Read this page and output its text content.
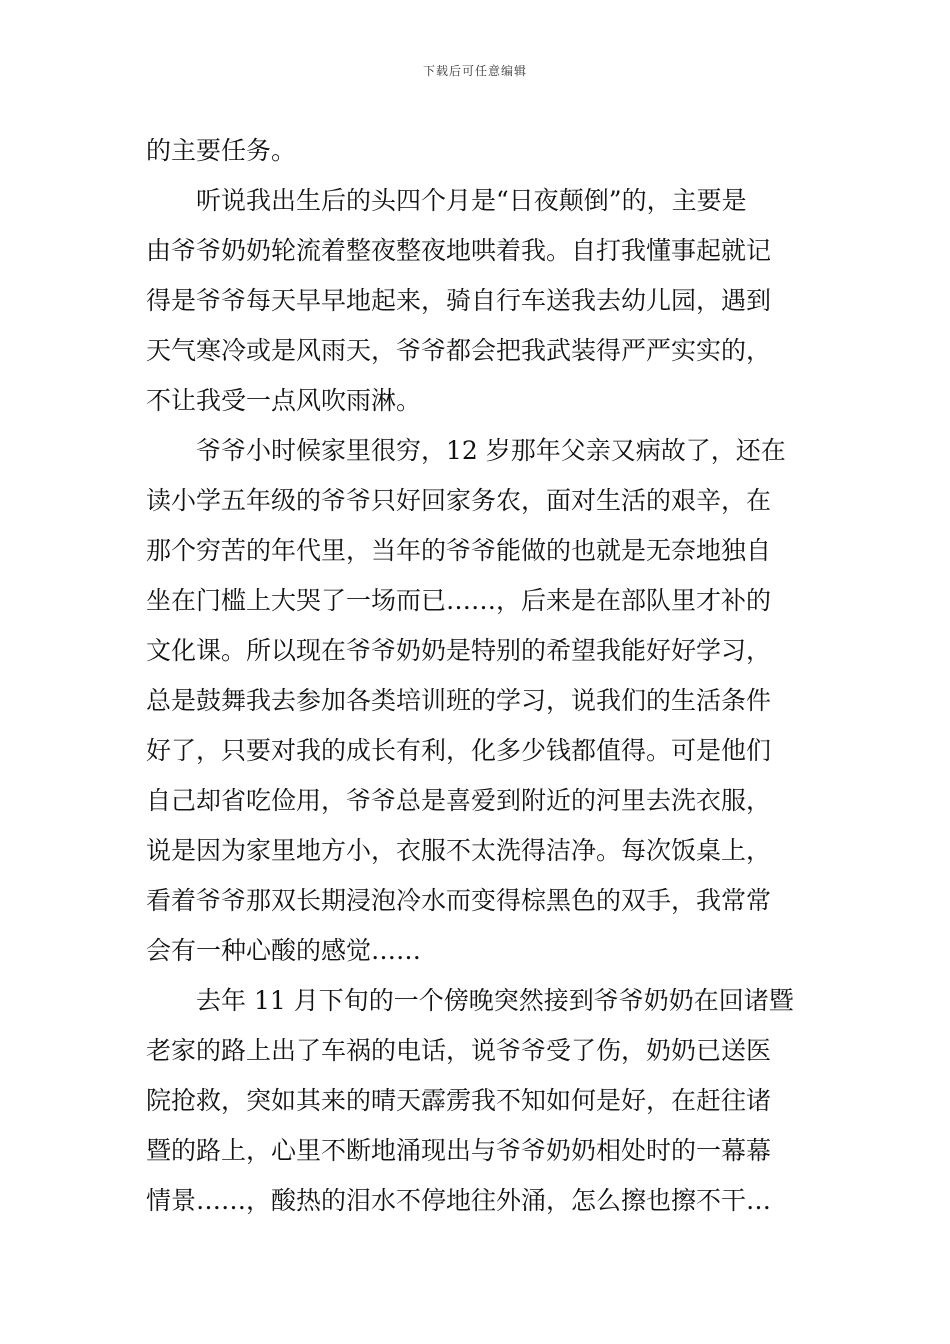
下载后可任意编辑
的主要任务。
听说我出生后的头四个月是“日夜颠倒”的，主要是
由爷爷奶奶轮流着整夜整夜地哄着我。自打我懂事起就记
得是爷爷每天早早地起来，骑自行车送我去幼儿园，遇到
天气寒冷或是风雨天，爷爷都会把我武装得严严实实的，
不让我受一点风吹雨淋。
爷爷小时候家里很穷，12 岁那年父亲又病故了，还在
读小学五年级的爷爷只好回家务农，面对生活的艰辛，在
那个穷苦的年代里，当年的爷爷能做的也就是无奈地独自
坐在门槛上大哭了一场而已……，后来是在部队里才补的
文化课。所以现在爷爷奶奶是特别的希望我能好好学习，
总是鼓舞我去参加各类培训班的学习，说我们的生活条件
好了，只要对我的成长有利，化多少钱都值得。可是他们
自己却省吃俭用，爷爷总是喜爱到附近的河里去洗衣服，
说是因为家里地方小，衣服不太洗得洁净。每次饭桌上，
看着爷爷那双长期浸泡冷水而变得棕黑色的双手，我常常
会有一种心酸的感觉……
去年 11 月下旬的一个傍晚突然接到爷爷奶奶在回诸暨
老家的路上出了车祸的电话，说爷爷受了伤，奶奶已送医
院抢救，突如其来的晴天霹雳我不知如何是好，在赶往诸
暨的路上，心里不断地涌现出与爷爷奶奶相处时的一幕幕
情景……，酸热的泪水不停地往外涌，怎么擦也擦不干…
